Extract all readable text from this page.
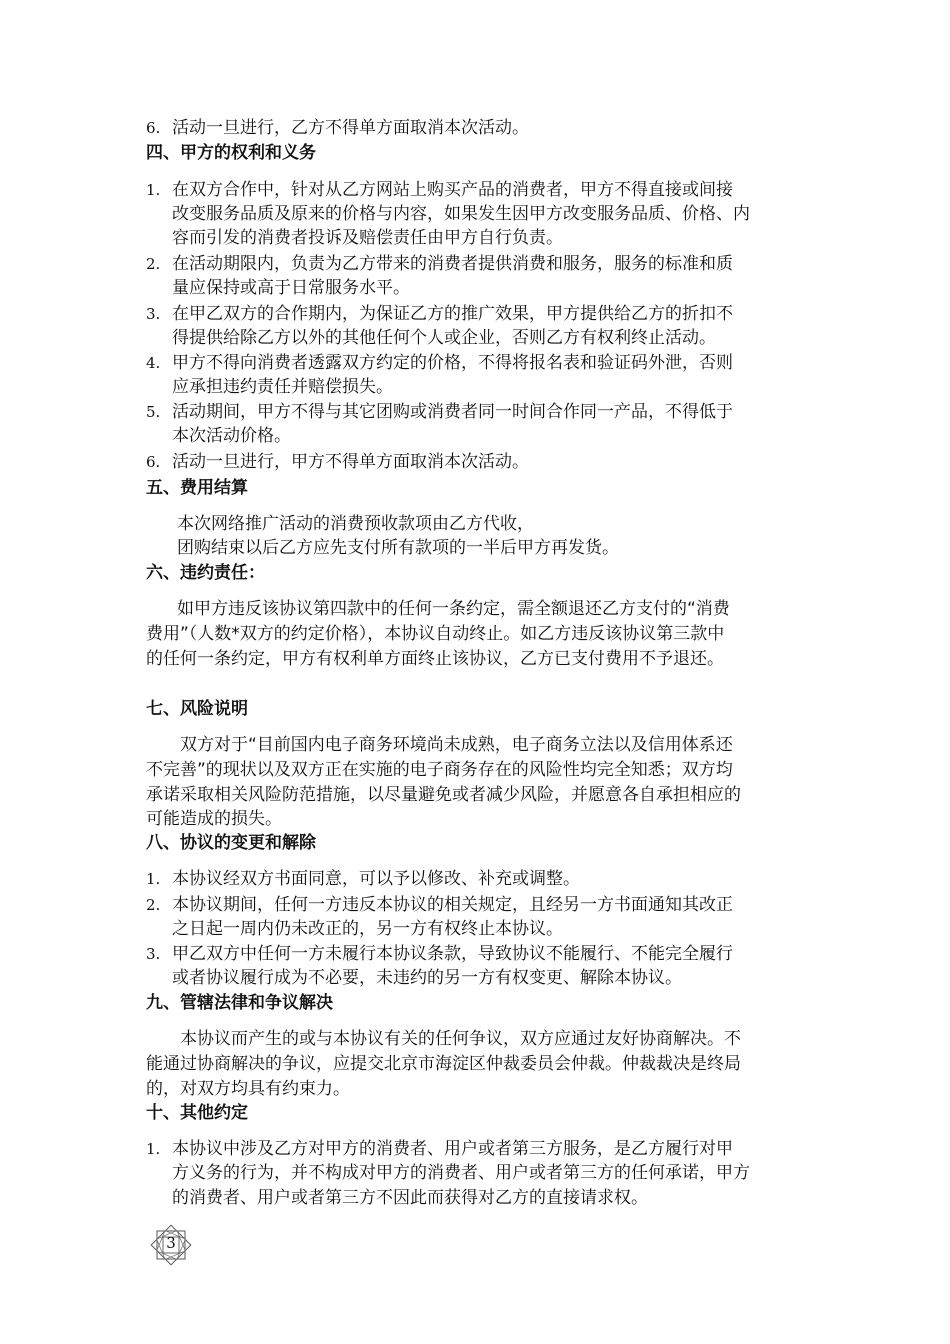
6. 活动一旦进行，乙方不得单方面取消本次活动。
四、甲方的权利和义务
1. 在双方合作中，针对从乙方网站上购买产品的消费者，甲方不得直接或间接
改变服务品质及原来的价格与内容，如果发生因甲方改变服务品质、价格、内
容而引发的消费者投诉及赔偿责任由甲方自行负责。
2. 在活动期限内，负责为乙方带来的消费者提供消费和服务，服务的标准和质
量应保持或高于日常服务水平。
3. 在甲乙双方的合作期内，为保证乙方的推广效果，甲方提供给乙方的折扣不
得提供给除乙方以外的其他任何个人或企业，否则乙方有权利终止活动。
4. 甲方不得向消费者透露双方约定的价格，不得将报名表和验证码外泄，否则
应承担违约责任并赔偿损失。
5. 活动期间，甲方不得与其它团购或消费者同一时间合作同一产品，不得低于
本次活动价格。
6. 活动一旦进行，甲方不得单方面取消本次活动。
五、费用结算
本次网络推广活动的消费预收款项由乙方代收，
团购结束以后乙方应先支付所有款项的一半后甲方再发货。
六、违约责任：
如甲方违反该协议第四款中的任何一条约定，需全额退还乙方支付的“消费
费用”（人数*双方的约定价格），本协议自动终止。如乙方违反该协议第三款中
的任何一条约定，甲方有权利单方面终止该协议，乙方已支付费用不予退还。
七、风险说明
双方对于“目前国内电子商务环境尚未成熟，电子商务立法以及信用体系还
不完善”的现状以及双方正在实施的电子商务存在的风险性均完全知悉；双方均
承诺采取相关风险防范措施，以尽量避免或者减少风险，并愿意各自承担相应的
可能造成的损失。
八、协议的变更和解除
1. 本协议经双方书面同意，可以予以修改、补充或调整。
2. 本协议期间，任何一方违反本协议的相关规定，且经另一方书面通知其改正
之日起一周内仍未改正的，另一方有权终止本协议。
3. 甲乙双方中任何一方未履行本协议条款，导致协议不能履行、不能完全履行
或者协议履行成为不必要，未违约的另一方有权变更、解除本协议。
九、管辖法律和争议解决
本协议而产生的或与本协议有关的任何争议，双方应通过友好协商解决。不
能通过协商解决的争议，应提交北京市海淀区仲裁委员会仲裁。仲裁裁决是终局
的，对双方均具有约束力。
十、其他约定
1. 本协议中涉及乙方对甲方的消费者、用户或者第三方服务，是乙方履行对甲
方义务的行为，并不构成对甲方的消费者、用户或者第三方的任何承诺，甲方
的消费者、用户或者第三方不因此而获得对乙方的直接请求权。
3
